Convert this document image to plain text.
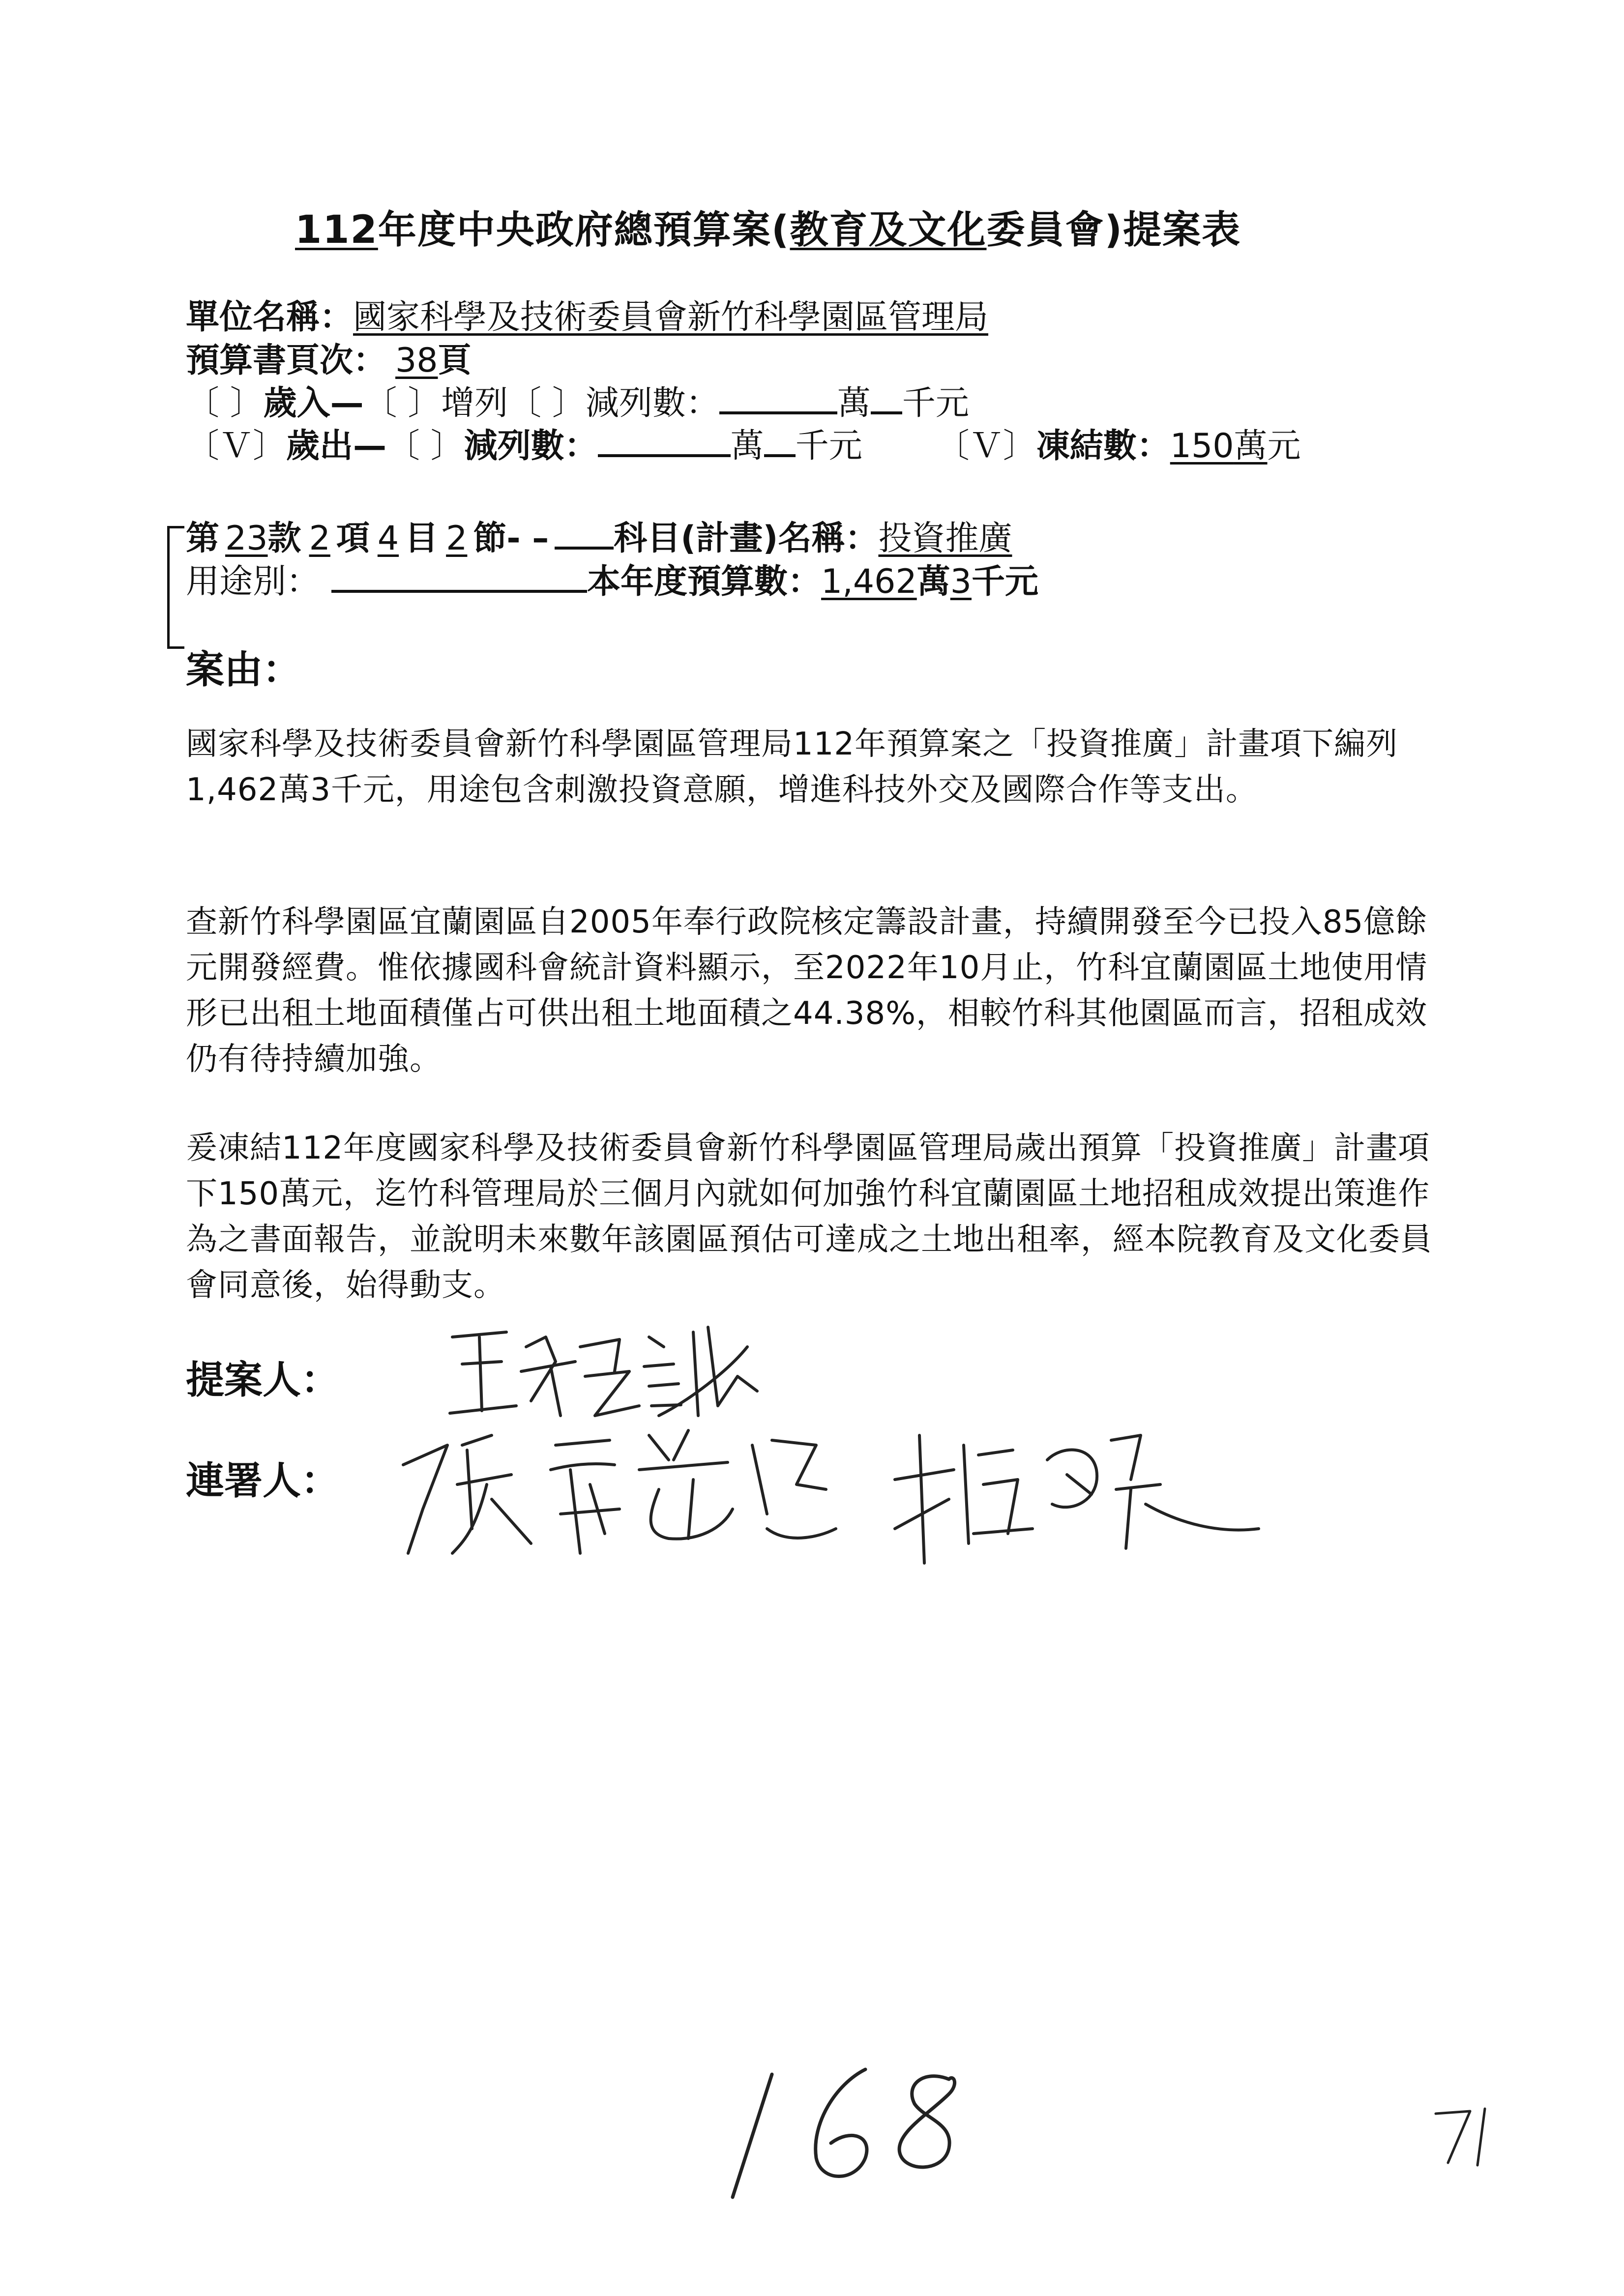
112年度中央政府總預算案(教育及文化委員會)提案表
單位名稱：國家科學及技術委員會新竹科學園區管理局
預算書頁次： 38頁
〔 〕歲入—〔 〕增列〔 〕減列數：	萬 千元
〔Ｖ〕歲出—〔 〕減列數：	萬 千元 〔Ｖ〕凍結數：150萬元
第 23款 2 項 4 目 2 節- – 科目(計畫)名稱：投資推廣
用途別：	本年度預算數：1,462萬3千元
案由：
國家科學及技術委員會新竹科學園區管理局112年預算案之「投資推廣」計畫項下編列1,462萬3千元，用途包含刺激投資意願，增進科技外交及國際合作等支出。
查新竹科學園區宜蘭園區自2005年奉行政院核定籌設計畫，持續開發至今已投入85億餘元開發經費。惟依據國科會統計資料顯示，至2022年10月止，竹科宜蘭園區土地使用情形已出租土地面積僅占可供出租土地面積之44.38%，相較竹科其他園區而言，招租成效仍有待持續加強。
爰凍結112年度國家科學及技術委員會新竹科學園區管理局歲出預算「投資推廣」計畫項下150萬元，迄竹科管理局於三個月內就如何加強竹科宜蘭園區土地招租成效提出策進作為之書面報告，並說明未來數年該園區預估可達成之土地出租率，經本院教育及文化委員會同意後，始得動支。
提案人：
連署人：
